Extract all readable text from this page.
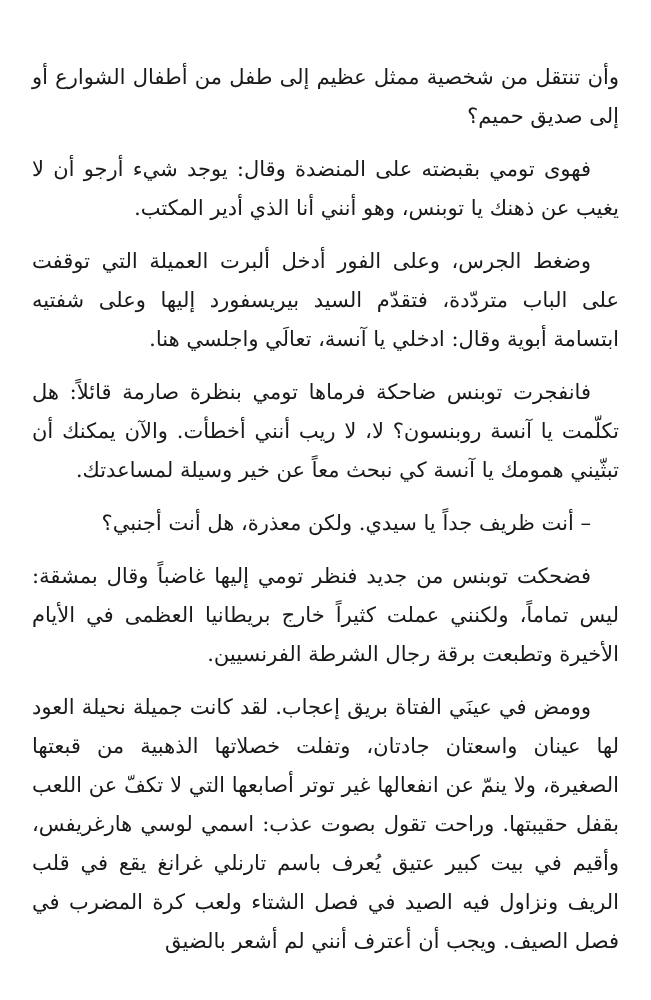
وأن تنتقل من شخصية ممثل عظيم إلى طفل من أطفال الشوارع أو إلى صديق حميم؟

فهوى تومي بقبضته على المنضدة وقال: يوجد شيء أرجو أن لا يغيب عن ذهنك يا توبنس، وهو أنني أنا الذي أدير المكتب.

وضغط الجرس، وعلى الفور أدخل ألبرت العميلة التي توقفت على الباب متردّدة، فتقدّم السيد بيريسفورد إليها وعلى شفتيه ابتسامة أبوية وقال: ادخلي يا آنسة، تعالَي واجلسي هنا.

فانفجرت توبنس ضاحكة فرماها تومي بنظرة صارمة قائلاً: هل تكلّمت يا آنسة روبنسون؟ لا، لا ريب أنني أخطأت. والآن يمكنك أن تبثّيني همومك يا آنسة كي نبحث معاً عن خير وسيلة لمساعدتك.

– أنت ظريف جداً يا سيدي. ولكن معذرة، هل أنت أجنبي؟

فضحكت توبنس من جديد فنظر تومي إليها غاضباً وقال بمشقة: ليس تماماً، ولكنني عملت كثيراً خارج بريطانيا العظمى في الأيام الأخيرة وتطبعت برقة رجال الشرطة الفرنسيين.

وومض في عينَي الفتاة بريق إعجاب. لقد كانت جميلة نحيلة العود لها عينان واسعتان جادتان، وتفلت خصلاتها الذهبية من قبعتها الصغيرة، ولا ينمّ عن انفعالها غير توتر أصابعها التي لا تكفّ عن اللعب بقفل حقيبتها. وراحت تقول بصوت عذب: اسمي لوسي هارغريفس، وأقيم في بيت كبير عتيق يُعرف باسم تارنلي غرانغ يقع في قلب الريف ونزاول فيه الصيد في فصل الشتاء ولعب كرة المضرب في فصل الصيف. ويجب أن أعترف أنني لم أشعر بالضيق
